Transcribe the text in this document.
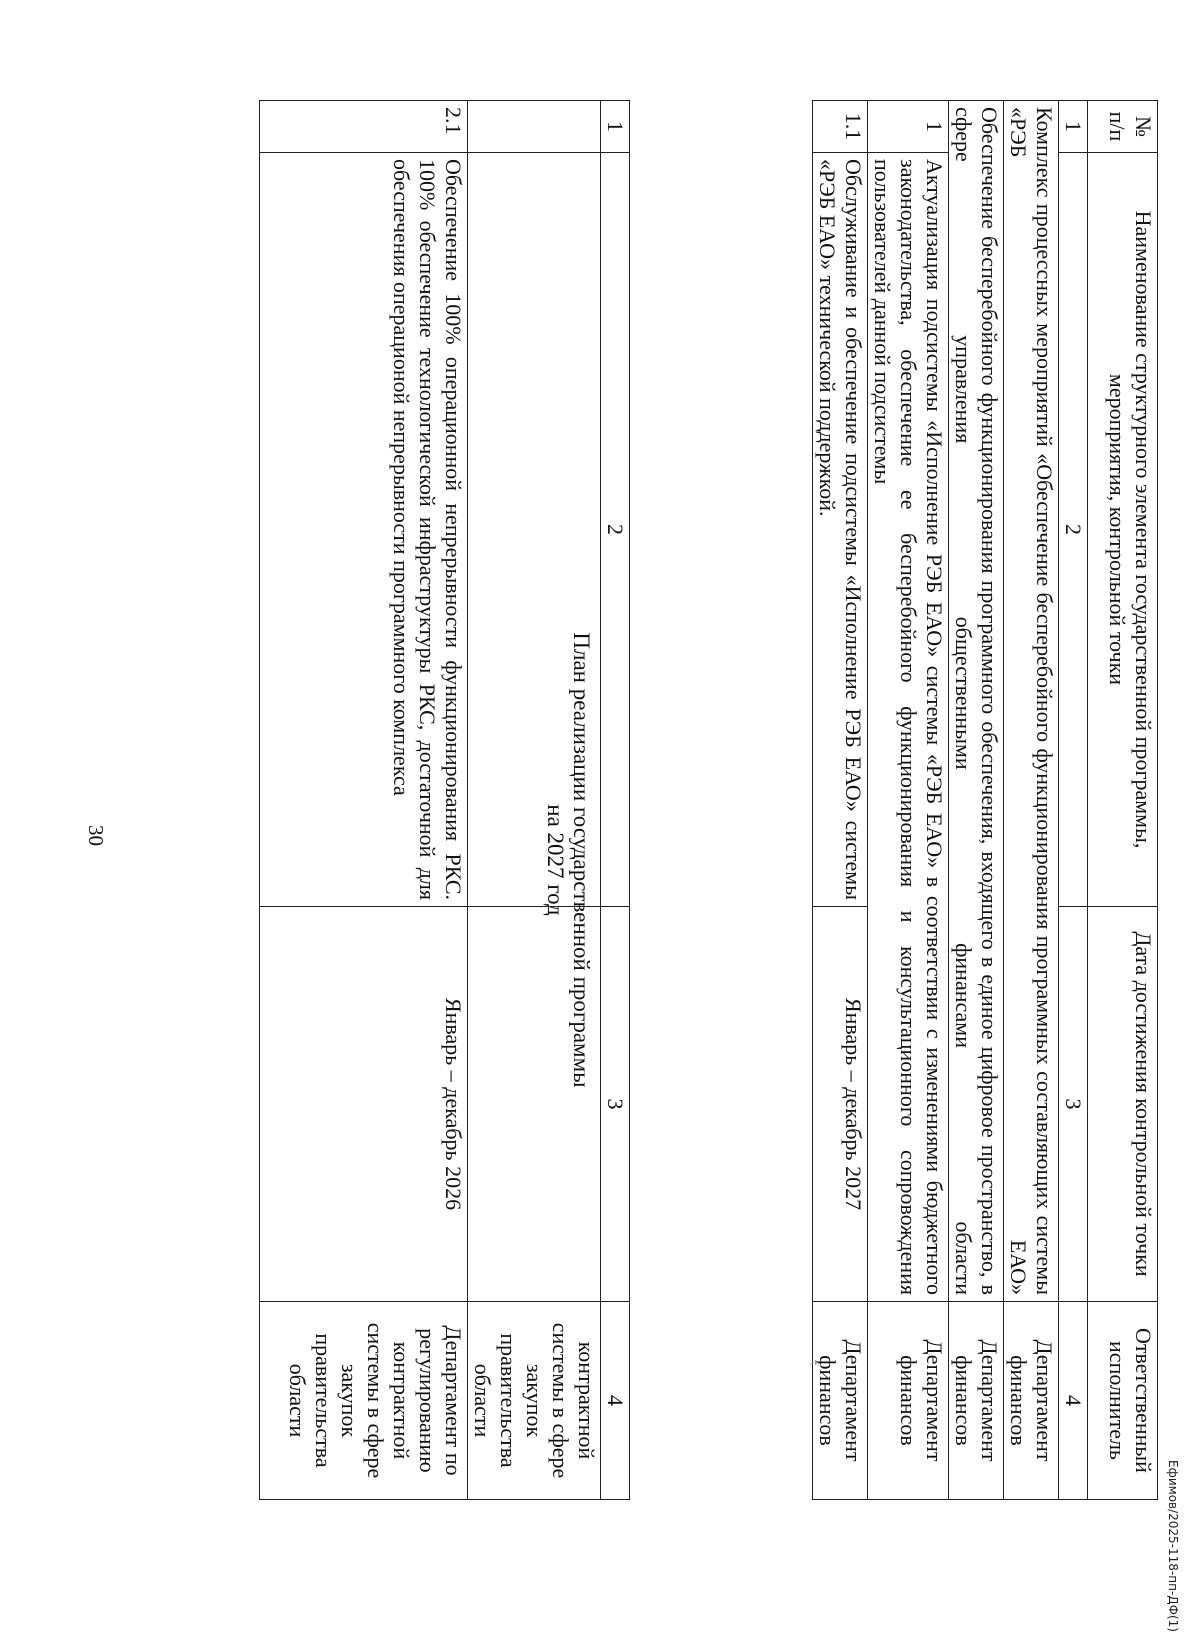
30
1	2	3	4
			контрактной системы в сфере закупок правительства области
2.1	Обеспечение 100% операционной непрерывности функционирования РКС. 100% обеспечение технологической инфраструктуры РКС, достаточной для обеспечения операционой непрерывности программного комплекса	Январь – декабрь 2026	Департамент по регулированию контрактной системы в сфере закупок правительства области
План реализации государственной программы
на 2027 год
№ п/п	Наименование структурного элемента государственной программы, мероприятия, контрольной точки	Дата достижения контрольной точки	Ответственный исполнитель
1	2	3	4
Комплекс процессных мероприятий «Обеспечение бесперебойного функционирования программных составляющих системы «РЭБ ЕАО»			Департамент финансов
Обеспечение бесперебойного функционирования программного обеспечения, входящего в единое цифровое пространство, в сфере управления общественными финансами области			Департамент финансов
1	Актуализация подсистемы «Исполнение РЭБ ЕАО» системы «РЭБ ЕАО» в соответствии с изменениями бюджетного законодательства, обеспечение ее бесперебойного функционирования и консультационного сопровождения пользователей данной подсистемы		Департамент финансов
1.1	Обслуживание и обеспечение подсистемы «Исполнение РЭБ ЕАО» системы «РЭБ ЕАО» технической поддержкой.	Январь – декабрь 2027	Департамент финансов
Ефимов/2025-118-пп-ДФ(1)
